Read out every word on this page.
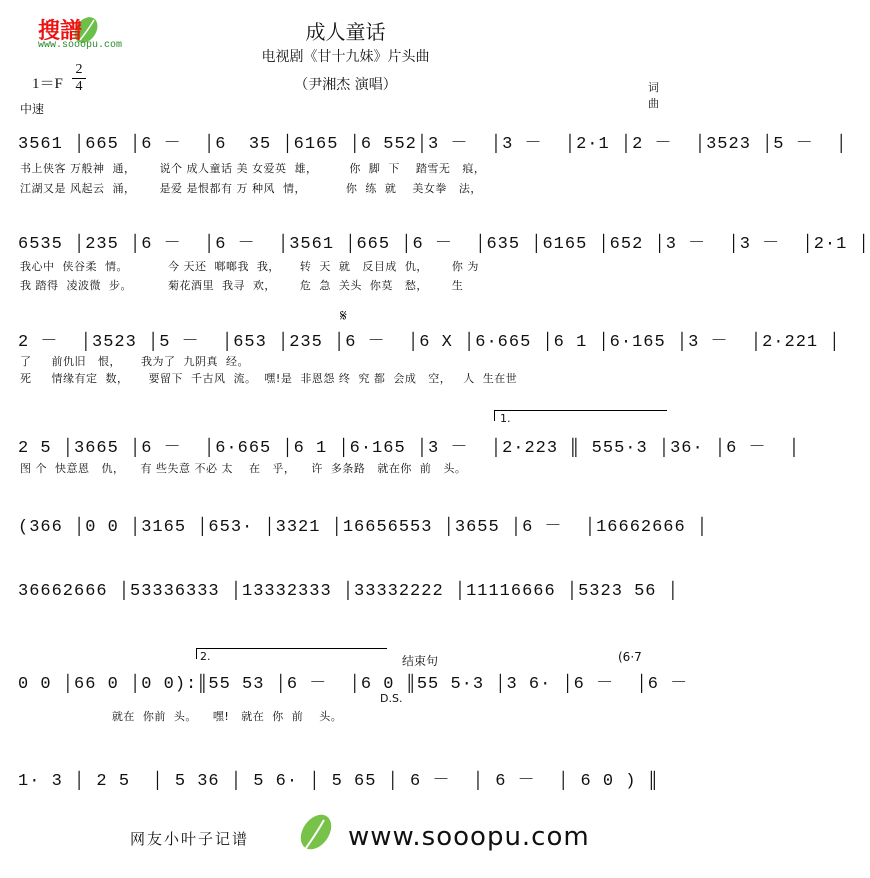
搜譜
www.sooopu.com
成人童话
电视剧《甘十九妹》片头曲
（尹湘杰 演唱）
1＝F
2
4	词
曲
中速
3561 │665 │6 －  │6  35 │6165 │6 552│3 －  │3 －  │2·1 │2 －  │3523 │5 －  │
书上侠客 万般神  通，      说个 成人童话 美 女爱英  雄，        你  脚  下    踏雪无   痕，
江湖又是 风起云  涌，      是爱 是恨都有 万 种风  情，          你  练  就    美女拳   法，
6535 │235 │6 －  │6 －  │3561 │665 │6 －  │635 │6165 │652 │3 －  │3 －  │2·1 │
我心中  侠谷柔  情。          今 天还  啷啷我  我，     转  天  就   反目成  仇，      你 为
我 踏得  凌波微  步。         菊花酒里  我寻  欢，      危  急  关头  你莫   愁，      生
𝄋
2 －  │3523 │5 －  │653 │235 │6 －  │6 X │6·665 │6 1 │6·165 │3 －  │2·221 │
了     前仇旧   恨，     我为了  九阴真  经。
死     情缘有定  数，     要留下  千古风  流。  嘿!是  非恩怨 终  究 都  会成   空，   人  生在世
1.
2 5 │3665 │6 －  │6·665 │6 1 │6·165 │3 －  │2·223 ║ 555·3 │36· │6 －  │
图 个  快意恩   仇，    有 些失意 不必 太    在   乎，    许  多条路   就在你  前   头。
(366 │0 0 │3165 │653· │3321 │16656553 │3655 │6 －  │16662666 │
36662666 │53336333 │13332333 │33332222 │11116666 │5323 56 │
2.	结束句	(6·7
0 0 │66 0 │0 0):║55 53 │6 －  │6 0 ║55 5·3 │3 6· │6 －  │6 －
D.S.
就在  你前  头。    嘿!   就在  你  前    头。
1· 3 │ 2 5  │ 5 36 │ 5 6· │ 5 65 │ 6 －  │ 6 －  │ 6 0 ) ║
网友小叶子记谱	www.sooopu.com
